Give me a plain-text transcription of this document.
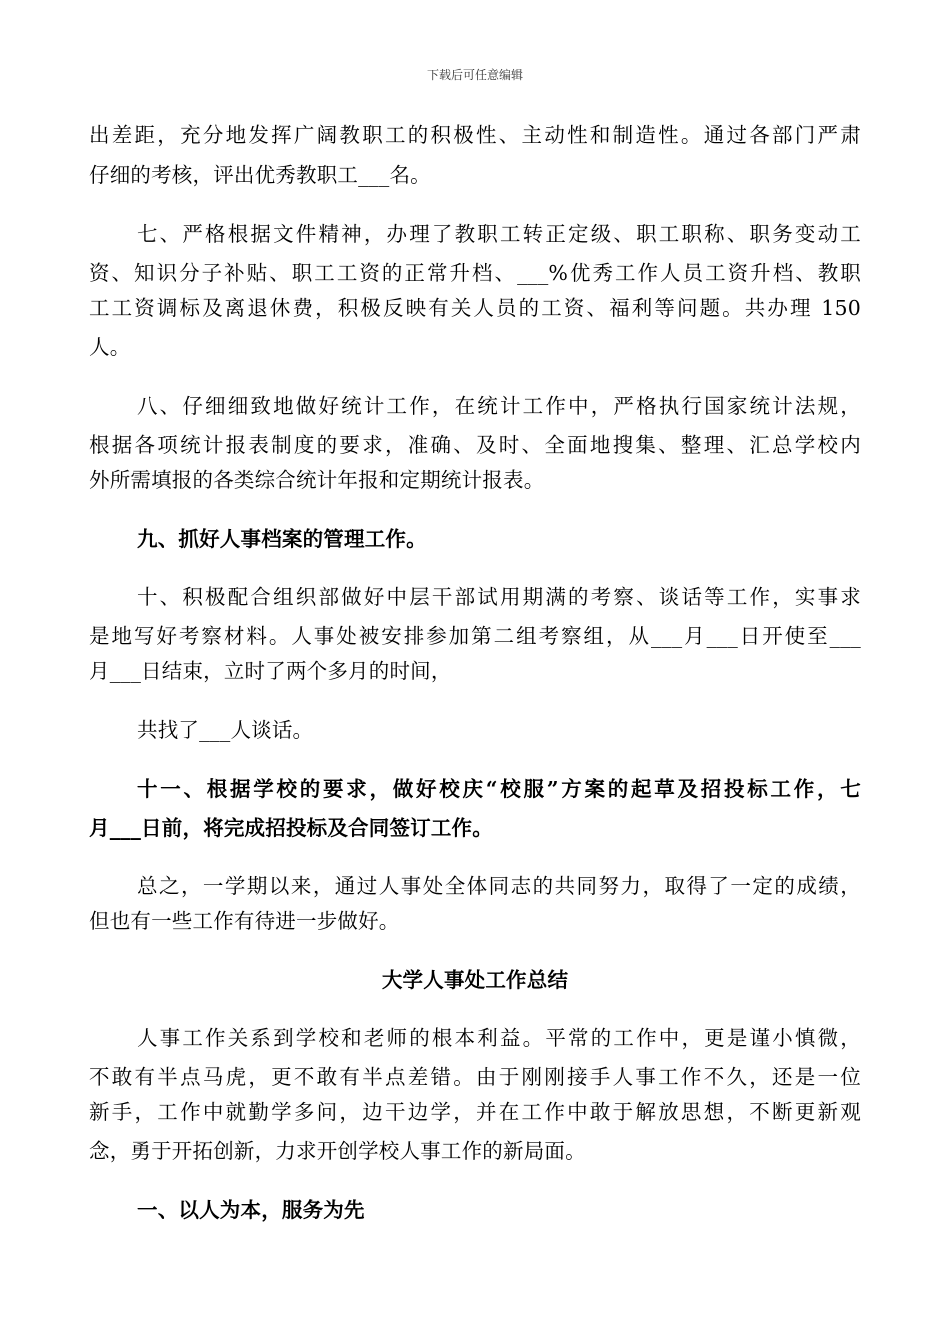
下载后可任意编辑
出差距，充分地发挥广阔教职工的积极性、主动性和制造性。通过各部门严肃
仔细的考核，评出优秀教职工___名。
七、严格根据文件精神，办理了教职工转正定级、职工职称、职务变动工
资、知识分子补贴、职工工资的正常升档、___%优秀工作人员工资升档、教职
工工资调标及离退休费，积极反映有关人员的工资、福利等问题。共办理 150
人。
八、仔细细致地做好统计工作，在统计工作中，严格执行国家统计法规，
根据各项统计报表制度的要求，准确、及时、全面地搜集、整理、汇总学校内
外所需填报的各类综合统计年报和定期统计报表。
九、抓好人事档案的管理工作。
十、积极配合组织部做好中层干部试用期满的考察、谈话等工作，实事求
是地写好考察材料。人事处被安排参加第二组考察组，从___月___日开使至___
月___日结束，立时了两个多月的时间，
共找了___人谈话。
十一、根据学校的要求，做好校庆“校服”方案的起草及招投标工作，七
月___日前，将完成招投标及合同签订工作。
总之，一学期以来，通过人事处全体同志的共同努力，取得了一定的成绩，
但也有一些工作有待进一步做好。
大学人事处工作总结
人事工作关系到学校和老师的根本利益。平常的工作中，更是谨小慎微，
不敢有半点马虎，更不敢有半点差错。由于刚刚接手人事工作不久，还是一位
新手，工作中就勤学多问，边干边学，并在工作中敢于解放思想，不断更新观
念，勇于开拓创新，力求开创学校人事工作的新局面。
一、以人为本，服务为先
